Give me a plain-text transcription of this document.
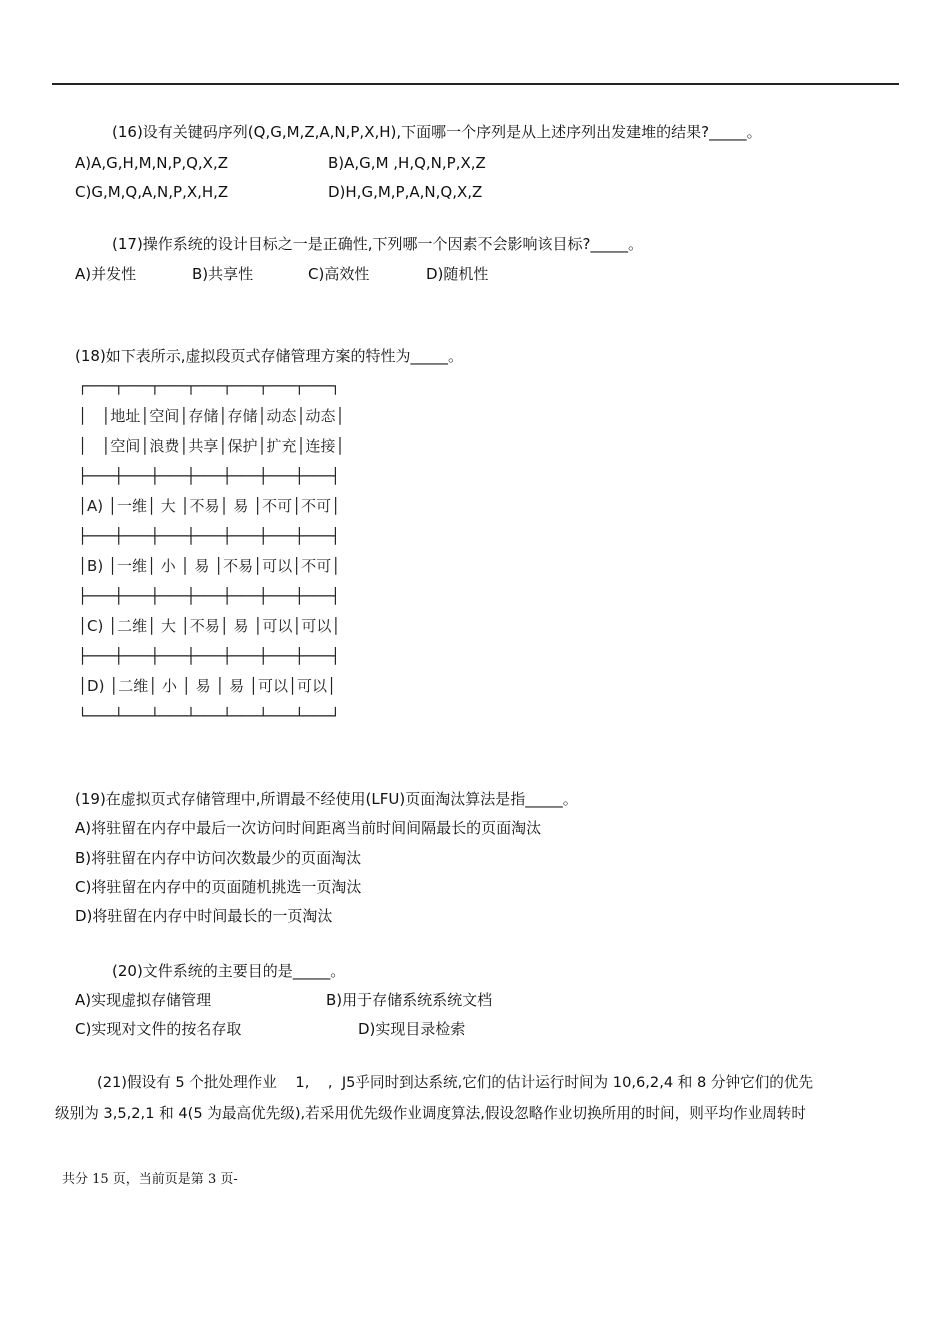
(16)设有关键码序列(Q,G,M,Z,A,N,P,X,H),下面哪一个序列是从上述序列出发建堆的结果?_____。
A)A,G,H,M,N,P,Q,X,Z	B)A,G,M ,H,Q,N,P,X,Z
C)G,M,Q,A,N,P,X,H,Z	D)H,G,M,P,A,N,Q,X,Z
(17)操作系统的设计目标之一是正确性,下列哪一个因素不会影响该目标?_____。
A)并发性	B)共享性	C)高效性	D)随机性
(18)如下表所示,虚拟段页式存储管理方案的特性为_____。

┌───┬───┬───┬───┬───┬───┬───┐

│   │地址│空间│存储│存储│动态│动态│

│   │空间│浪费│共享│保护│扩充│连接│

├───┼───┼───┼───┼───┼───┼───┤

│A) │一维│ 大 │不易│ 易 │不可│不可│

├───┼───┼───┼───┼───┼───┼───┤

│B) │一维│ 小 │ 易 │不易│可以│不可│

├───┼───┼───┼───┼───┼───┼───┤

│C) │二维│ 大 │不易│ 易 │可以│可以│

├───┼───┼───┼───┼───┼───┼───┤

│D) │二维│ 小 │ 易 │ 易 │可以│可以│

└───┴───┴───┴───┴───┴───┴───┘

(19)在虚拟页式存储管理中,所谓最不经使用(LFU)页面淘汰算法是指_____。
A)将驻留在内存中最后一次访问时间距离当前时间间隔最长的页面淘汰
B)将驻留在内存中访问次数最少的页面淘汰
C)将驻留在内存中的页面随机挑选一页淘汰
D)将驻留在内存中时间最长的一页淘汰
(20)文件系统的主要目的是_____。
A)实现虚拟存储管理	B)用于存储系统系统文档
C)实现对文件的按名存取	D)实现目录检索
(21)假设有 5 个批处理作业    1,    ,  J5乎同时到达系统,它们的估计运行时间为 10,6,2,4 和 8 分钟它们的优先
级别为 3,5,2,1 和 4(5 为最高优先级),若采用优先级作业调度算法,假设忽略作业切换所用的时间，则平均作业周转时
共分 15 页，当前页是第 3 页-
